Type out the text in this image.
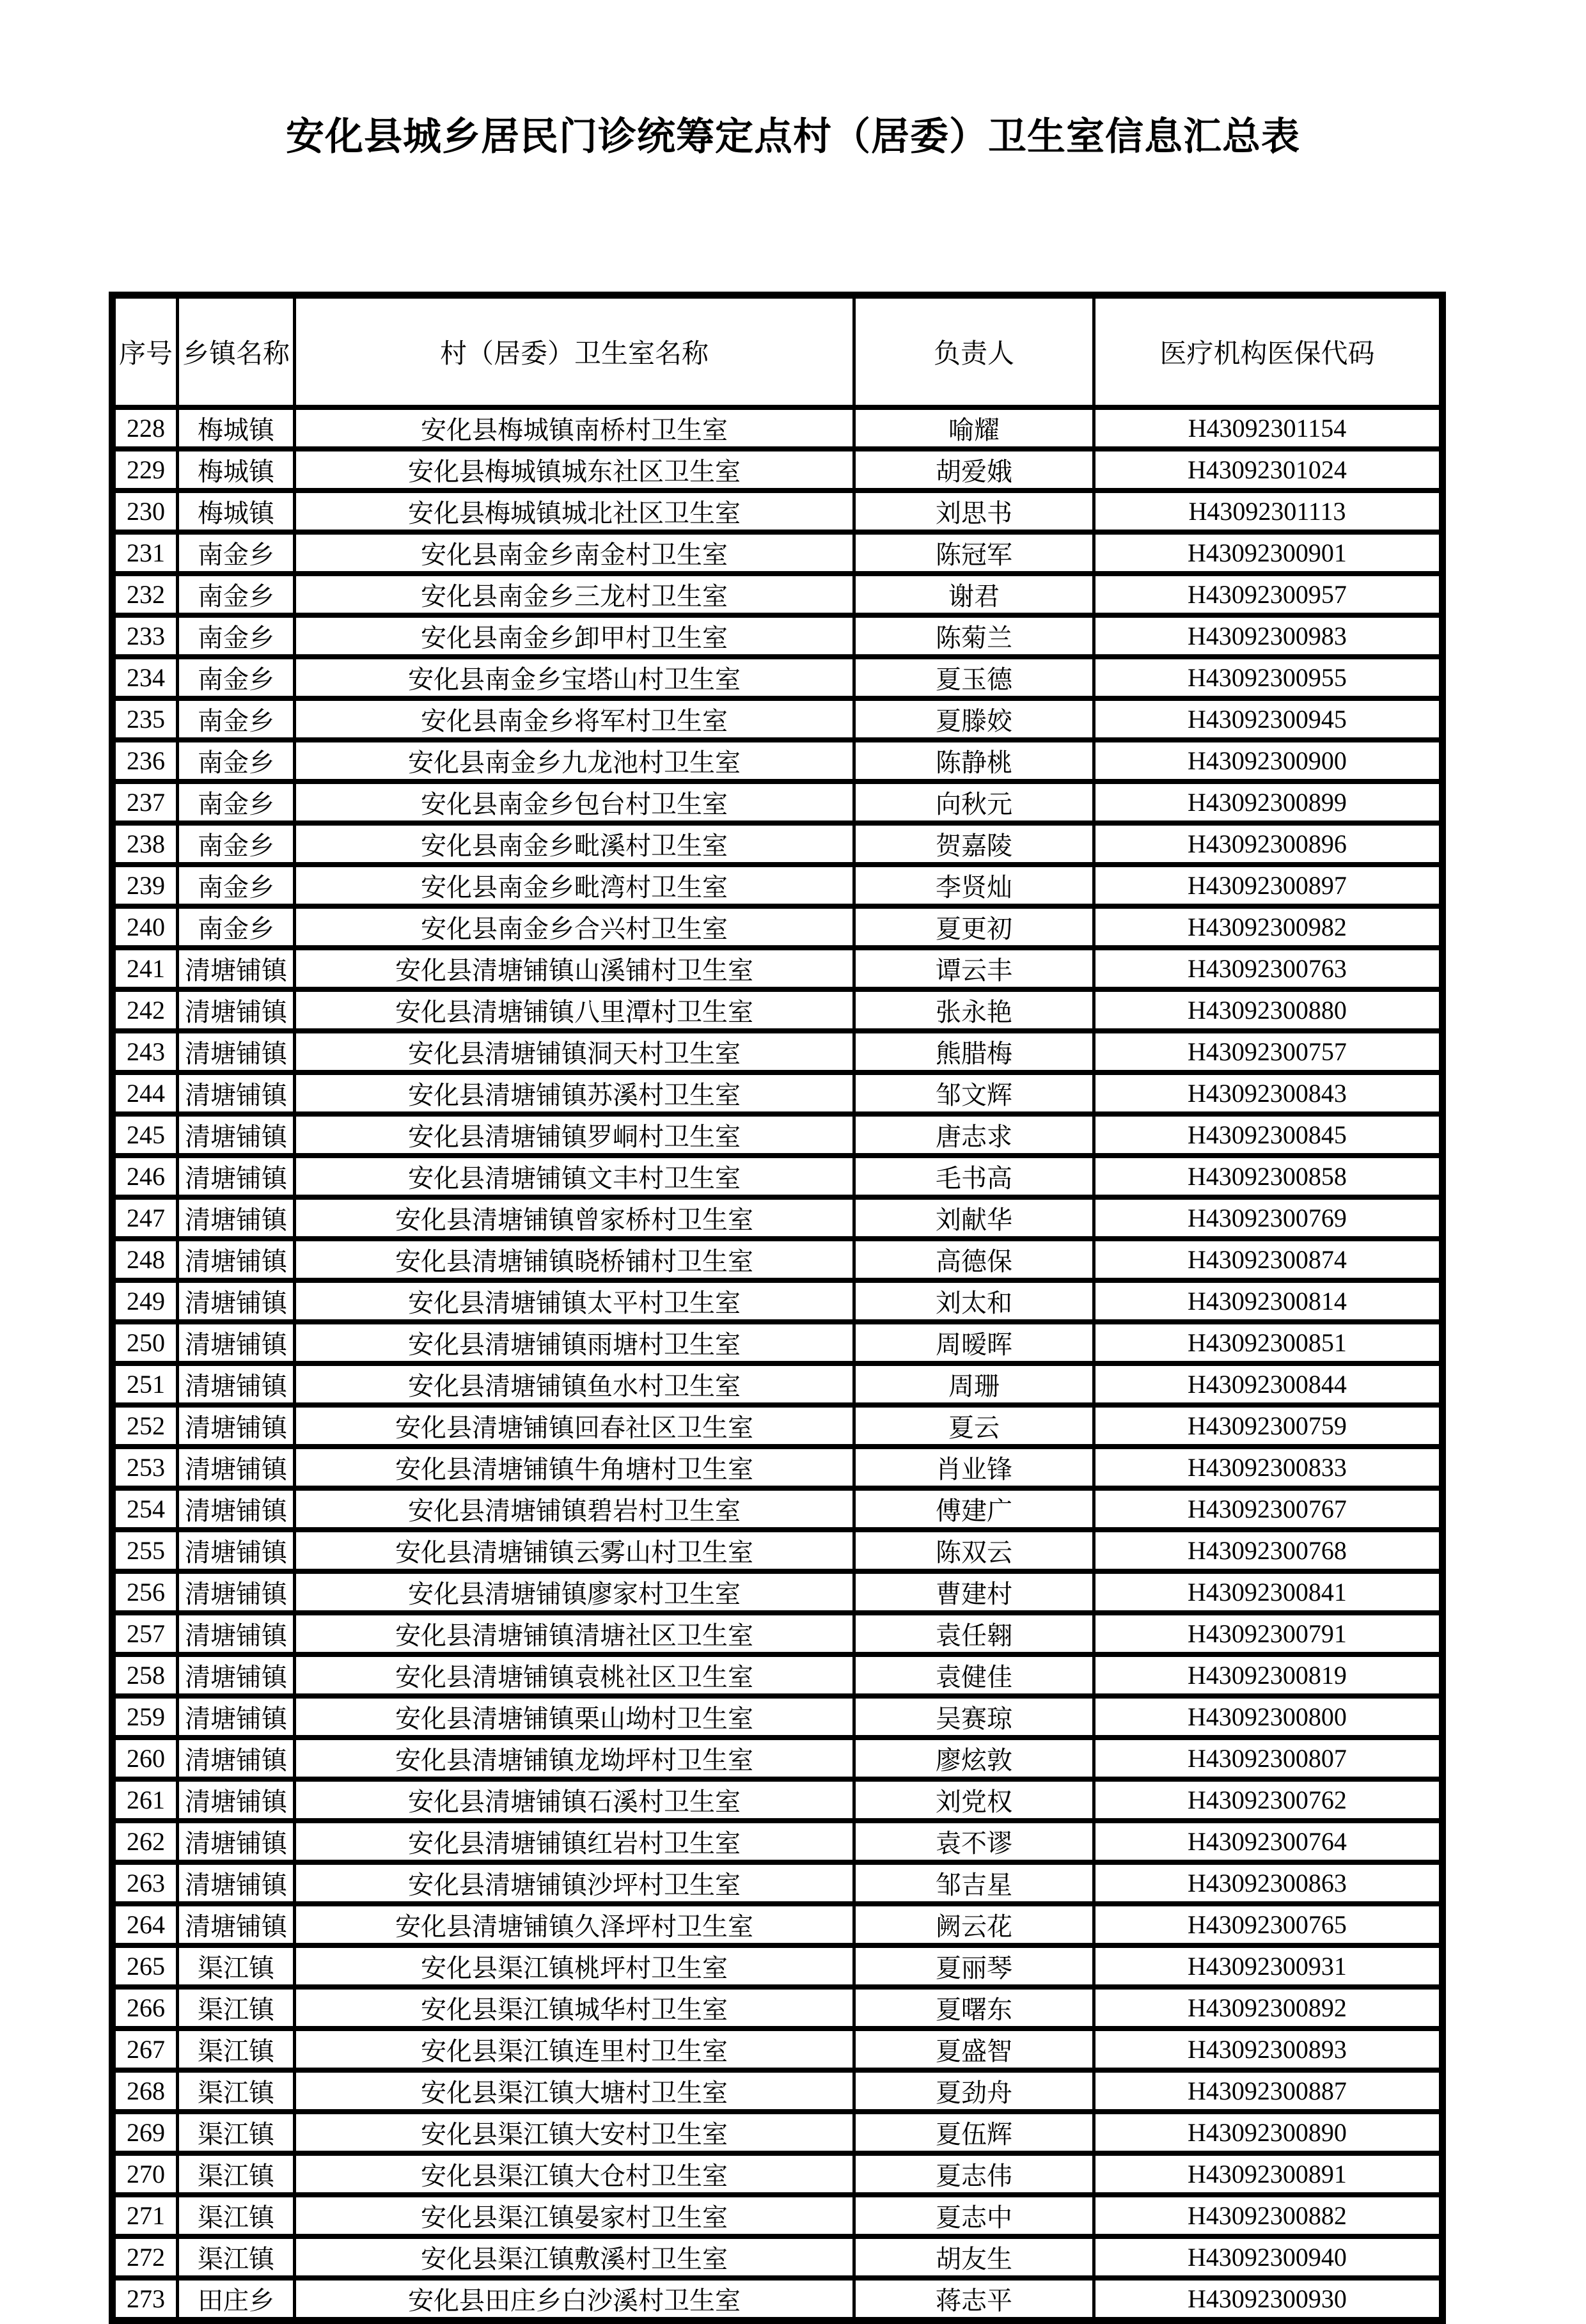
安化县城乡居民门诊统筹定点村（居委）卫生室信息汇总表
序号	乡镇名称	村（居委）卫生室名称	负责人	医疗机构医保代码
228	梅城镇	安化县梅城镇南桥村卫生室	喻耀	H43092301154
229	梅城镇	安化县梅城镇城东社区卫生室	胡爱娥	H43092301024
230	梅城镇	安化县梅城镇城北社区卫生室	刘思书	H43092301113
231	南金乡	安化县南金乡南金村卫生室	陈冠军	H43092300901
232	南金乡	安化县南金乡三龙村卫生室	谢君	H43092300957
233	南金乡	安化县南金乡卸甲村卫生室	陈菊兰	H43092300983
234	南金乡	安化县南金乡宝塔山村卫生室	夏玉德	H43092300955
235	南金乡	安化县南金乡将军村卫生室	夏滕姣	H43092300945
236	南金乡	安化县南金乡九龙池村卫生室	陈静桃	H43092300900
237	南金乡	安化县南金乡包台村卫生室	向秋元	H43092300899
238	南金乡	安化县南金乡毗溪村卫生室	贺嘉陵	H43092300896
239	南金乡	安化县南金乡毗湾村卫生室	李贤灿	H43092300897
240	南金乡	安化县南金乡合兴村卫生室	夏更初	H43092300982
241	清塘铺镇	安化县清塘铺镇山溪铺村卫生室	谭云丰	H43092300763
242	清塘铺镇	安化县清塘铺镇八里潭村卫生室	张永艳	H43092300880
243	清塘铺镇	安化县清塘铺镇洞天村卫生室	熊腊梅	H43092300757
244	清塘铺镇	安化县清塘铺镇苏溪村卫生室	邹文辉	H43092300843
245	清塘铺镇	安化县清塘铺镇罗峒村卫生室	唐志求	H43092300845
246	清塘铺镇	安化县清塘铺镇文丰村卫生室	毛书高	H43092300858
247	清塘铺镇	安化县清塘铺镇曾家桥村卫生室	刘献华	H43092300769
248	清塘铺镇	安化县清塘铺镇晓桥铺村卫生室	高德保	H43092300874
249	清塘铺镇	安化县清塘铺镇太平村卫生室	刘太和	H43092300814
250	清塘铺镇	安化县清塘铺镇雨塘村卫生室	周暧晖	H43092300851
251	清塘铺镇	安化县清塘铺镇鱼水村卫生室	周珊	H43092300844
252	清塘铺镇	安化县清塘铺镇回春社区卫生室	夏云	H43092300759
253	清塘铺镇	安化县清塘铺镇牛角塘村卫生室	肖业锋	H43092300833
254	清塘铺镇	安化县清塘铺镇碧岩村卫生室	傅建广	H43092300767
255	清塘铺镇	安化县清塘铺镇云雾山村卫生室	陈双云	H43092300768
256	清塘铺镇	安化县清塘铺镇廖家村卫生室	曹建村	H43092300841
257	清塘铺镇	安化县清塘铺镇清塘社区卫生室	袁任翱	H43092300791
258	清塘铺镇	安化县清塘铺镇袁桃社区卫生室	袁健佳	H43092300819
259	清塘铺镇	安化县清塘铺镇栗山坳村卫生室	吴赛琼	H43092300800
260	清塘铺镇	安化县清塘铺镇龙坳坪村卫生室	廖炫敦	H43092300807
261	清塘铺镇	安化县清塘铺镇石溪村卫生室	刘党权	H43092300762
262	清塘铺镇	安化县清塘铺镇红岩村卫生室	袁不谬	H43092300764
263	清塘铺镇	安化县清塘铺镇沙坪村卫生室	邹吉星	H43092300863
264	清塘铺镇	安化县清塘铺镇久泽坪村卫生室	阙云花	H43092300765
265	渠江镇	安化县渠江镇桃坪村卫生室	夏丽琴	H43092300931
266	渠江镇	安化县渠江镇城华村卫生室	夏曙东	H43092300892
267	渠江镇	安化县渠江镇连里村卫生室	夏盛智	H43092300893
268	渠江镇	安化县渠江镇大塘村卫生室	夏劲舟	H43092300887
269	渠江镇	安化县渠江镇大安村卫生室	夏伍辉	H43092300890
270	渠江镇	安化县渠江镇大仓村卫生室	夏志伟	H43092300891
271	渠江镇	安化县渠江镇晏家村卫生室	夏志中	H43092300882
272	渠江镇	安化县渠江镇敷溪村卫生室	胡友生	H43092300940
273	田庄乡	安化县田庄乡白沙溪村卫生室	蒋志平	H43092300930
